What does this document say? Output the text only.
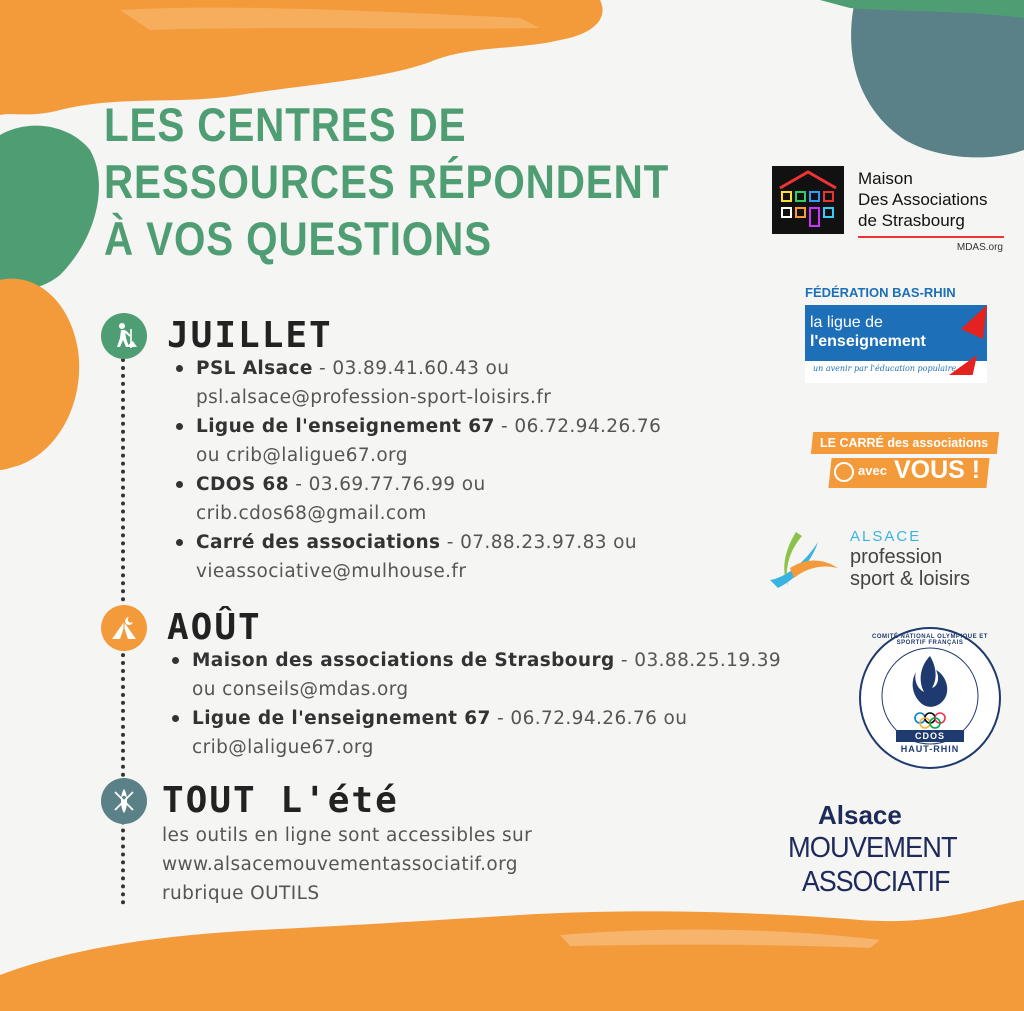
LES CENTRES DE
RESSOURCES RÉPONDENT
À VOS QUESTIONS
JUILLET
PSL Alsace - 03.89.41.60.43 ou
psl.alsace@profession-sport-loisirs.fr
Ligue de l'enseignement 67 - 06.72.94.26.76
ou crib@laligue67.org
CDOS 68 - 03.69.77.76.99 ou
crib.cdos68@gmail.com
Carré des associations - 07.88.23.97.83 ou
vieassociative@mulhouse.fr
AOÛT
Maison des associations de Strasbourg - 03.88.25.19.39
ou conseils@mdas.org
Ligue de l'enseignement 67 - 06.72.94.26.76 ou
crib@laligue67.org
TOUT L'été
les outils en ligne sont accessibles sur
www.alsacemouvementassociatif.org
rubrique OUTILS
Maison
Des Associations
de Strasbourg
MDAS.org
FÉDÉRATION BAS-RHIN
la ligue de
l'enseignement
un avenir par l'éducation populaire
LE CARRÉ des associations
avec VOUS !
ALSACE
profession
sport & loisirs
COMITÉ NATIONAL OLYMPIQUE ET SPORTIF FRANÇAIS
CDOS
HAUT-RHIN
Alsace
MOUVEMENT
ASSOCIATIF
